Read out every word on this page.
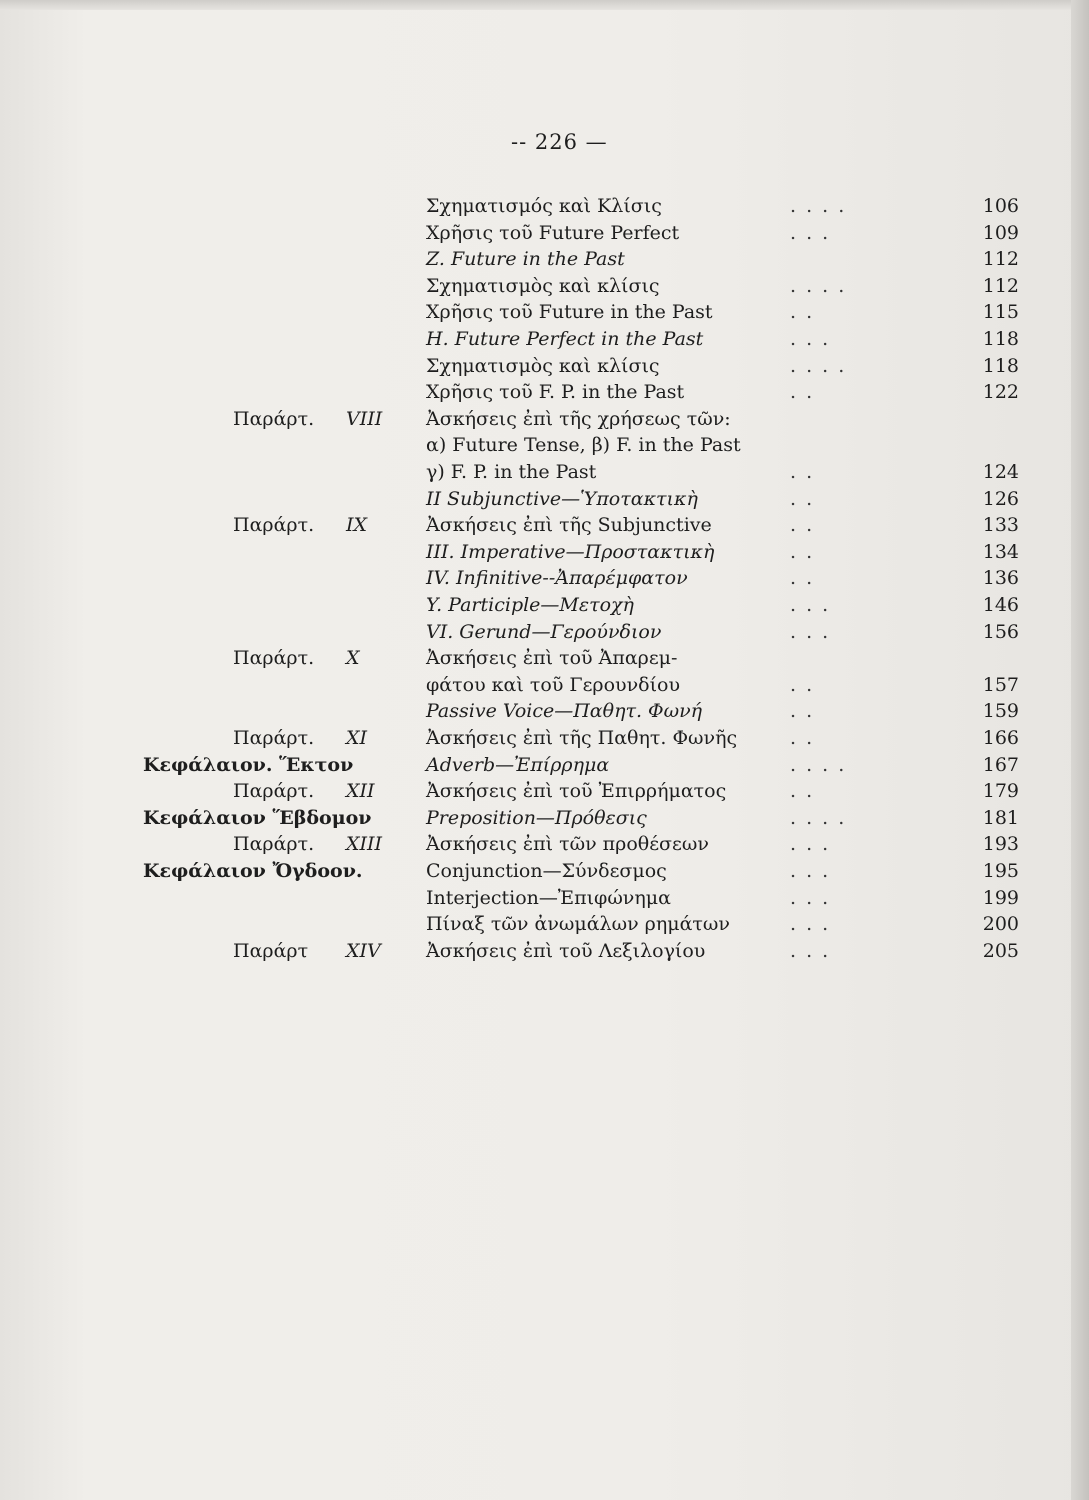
-- 226 —
Σχηματισμός καὶ Κλίσις	. . . .	106
Χρῆσις τοῦ Future Perfect	. . .	109
Z. Future in the Past	112
Σχηματισμὸς καὶ κλίσις	. . . .	112
Χρῆσις τοῦ Future in the Past	. .	115
H. Future Perfect in the Past	. . .	118
Σχηματισμὸς καὶ κλίσις	. . . .	118
Χρῆσις τοῦ F. P. in the Past	. .	122
Παράρτ. VIII Ἀσκήσεις ἐπὶ τῆς χρήσεως τῶν:
α) Future Tense, β) F. in the Past
γ) F. P. in the Past	. .	124
II Subjunctive—Ὑποτακτικὴ	. .	126
Παράρτ. IX	Ἀσκήσεις ἐπὶ τῆς Subjunctive	. .	133
III. Imperative—Προστακτικὴ	. .	134
IV. Infinitive--Ἀπαρέμφατον	. .	136
Y. Participle—Μετοχὴ	. . .	146
VI. Gerund—Γερούνδιον	. . .	156
Παράρτ. X	Ἀσκήσεις ἐπὶ τοῦ Ἀπαρεμ-
φάτου καὶ τοῦ Γερουνδίου	. .	157
Passive Voice—Παθητ. Φωνή	. .	159
Παράρτ. XI	Ἀσκήσεις ἐπὶ τῆς Παθητ. Φωνῆς	. .	166
Κεφάλαιον. Ἕκτον	Adverb—Ἐπίρρημα	. . . .	167
Παράρτ. XII	Ἀσκήσεις ἐπὶ τοῦ Ἐπιρρήματος	. .	179
Κεφάλαιον Ἕβδομον	Preposition—Πρόθεσις	. . . .	181
Παράρτ. XIII Ἀσκήσεις ἐπὶ τῶν προθέσεων	. . .	193
Κεφάλαιον Ὄγδοον.	Conjunction—Σύνδεσμος	. . .	195
Interjection—Ἐπιφώνημα	. . .	199
Πίναξ τῶν ἀνωμάλων ρημάτων	. . .	200
Παράρτ XIV Ἀσκήσεις ἐπὶ τοῦ Λεξιλογίου	. . .	205
